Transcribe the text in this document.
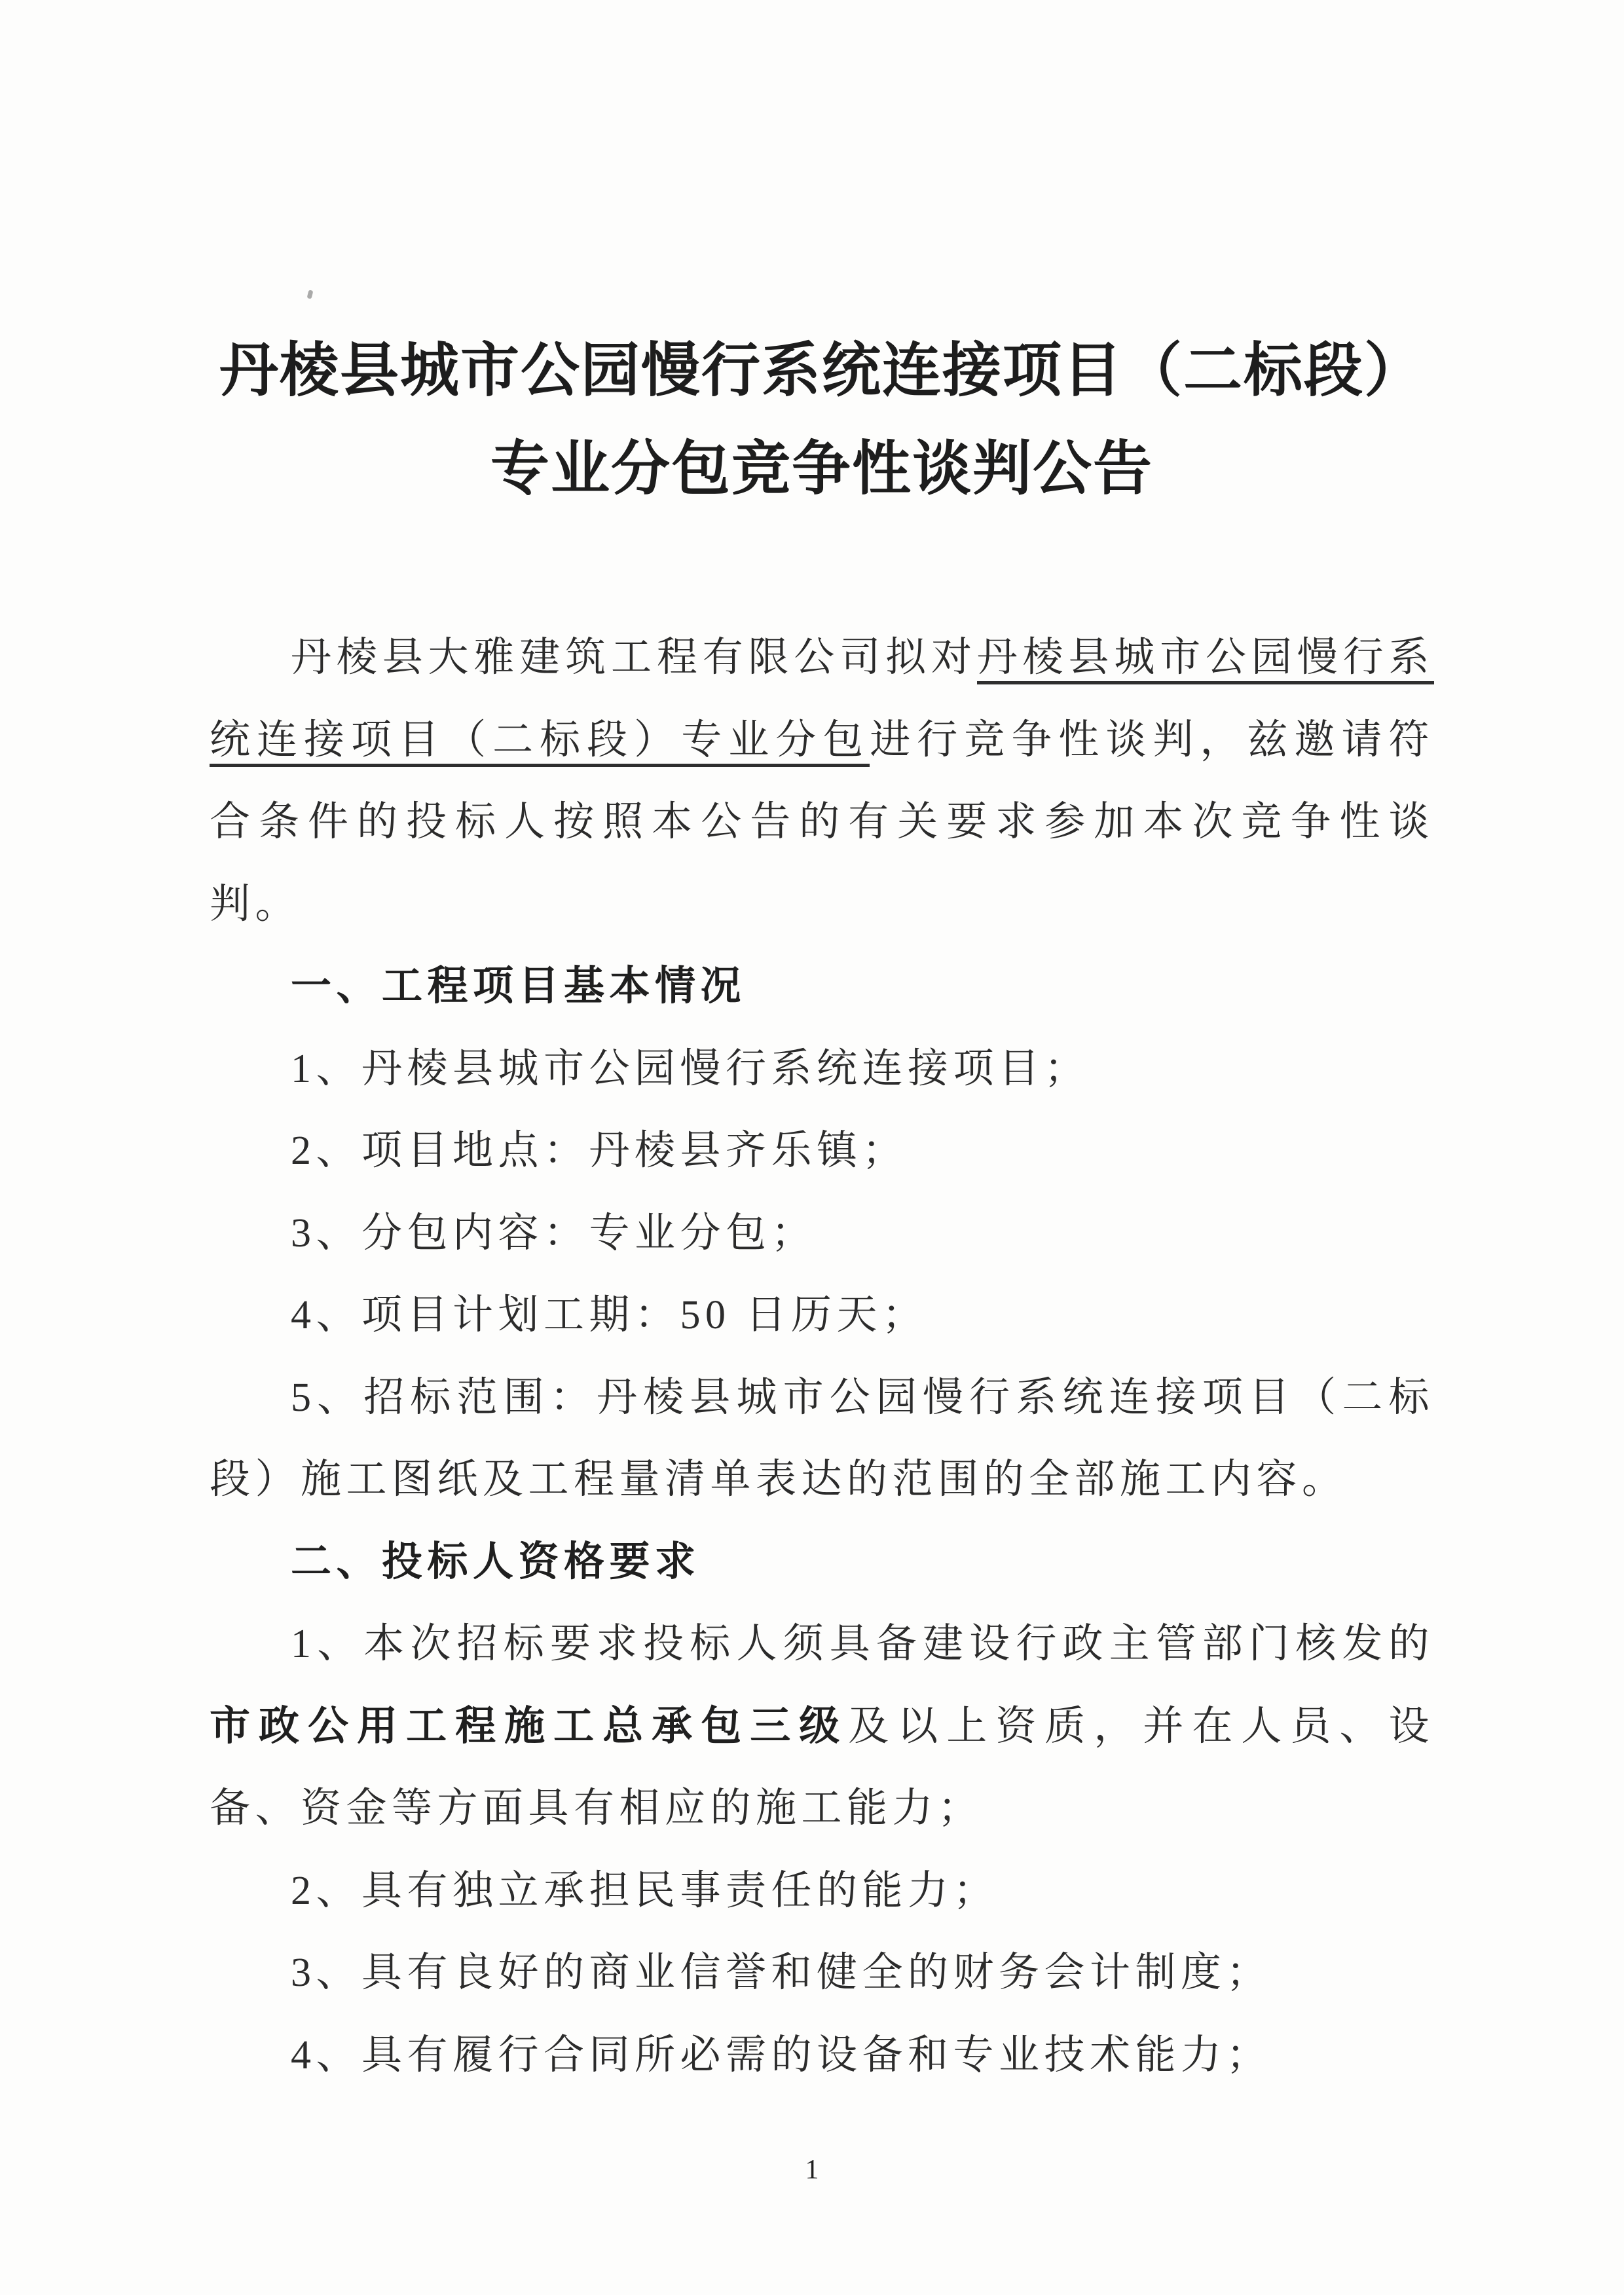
丹棱县城市公园慢行系统连接项目（二标段）
专业分包竞争性谈判公告

丹棱县大雅建筑工程有限公司拟对丹棱县城市公园慢行系统连接项目（二标段）专业分包进行竞争性谈判，兹邀请符合条件的投标人按照本公告的有关要求参加本次竞争性谈判。

一、工程项目基本情况

1、丹棱县城市公园慢行系统连接项目；

2、项目地点：丹棱县齐乐镇；

3、分包内容：专业分包；

4、项目计划工期：50 日历天；

5、招标范围：丹棱县城市公园慢行系统连接项目（二标段）施工图纸及工程量清单表达的范围的全部施工内容。

二、投标人资格要求

1、本次招标要求投标人须具备建设行政主管部门核发的市政公用工程施工总承包三级及以上资质，并在人员、设备、资金等方面具有相应的施工能力；

2、具有独立承担民事责任的能力；

3、具有良好的商业信誉和健全的财务会计制度；

4、具有履行合同所必需的设备和专业技术能力；

1
